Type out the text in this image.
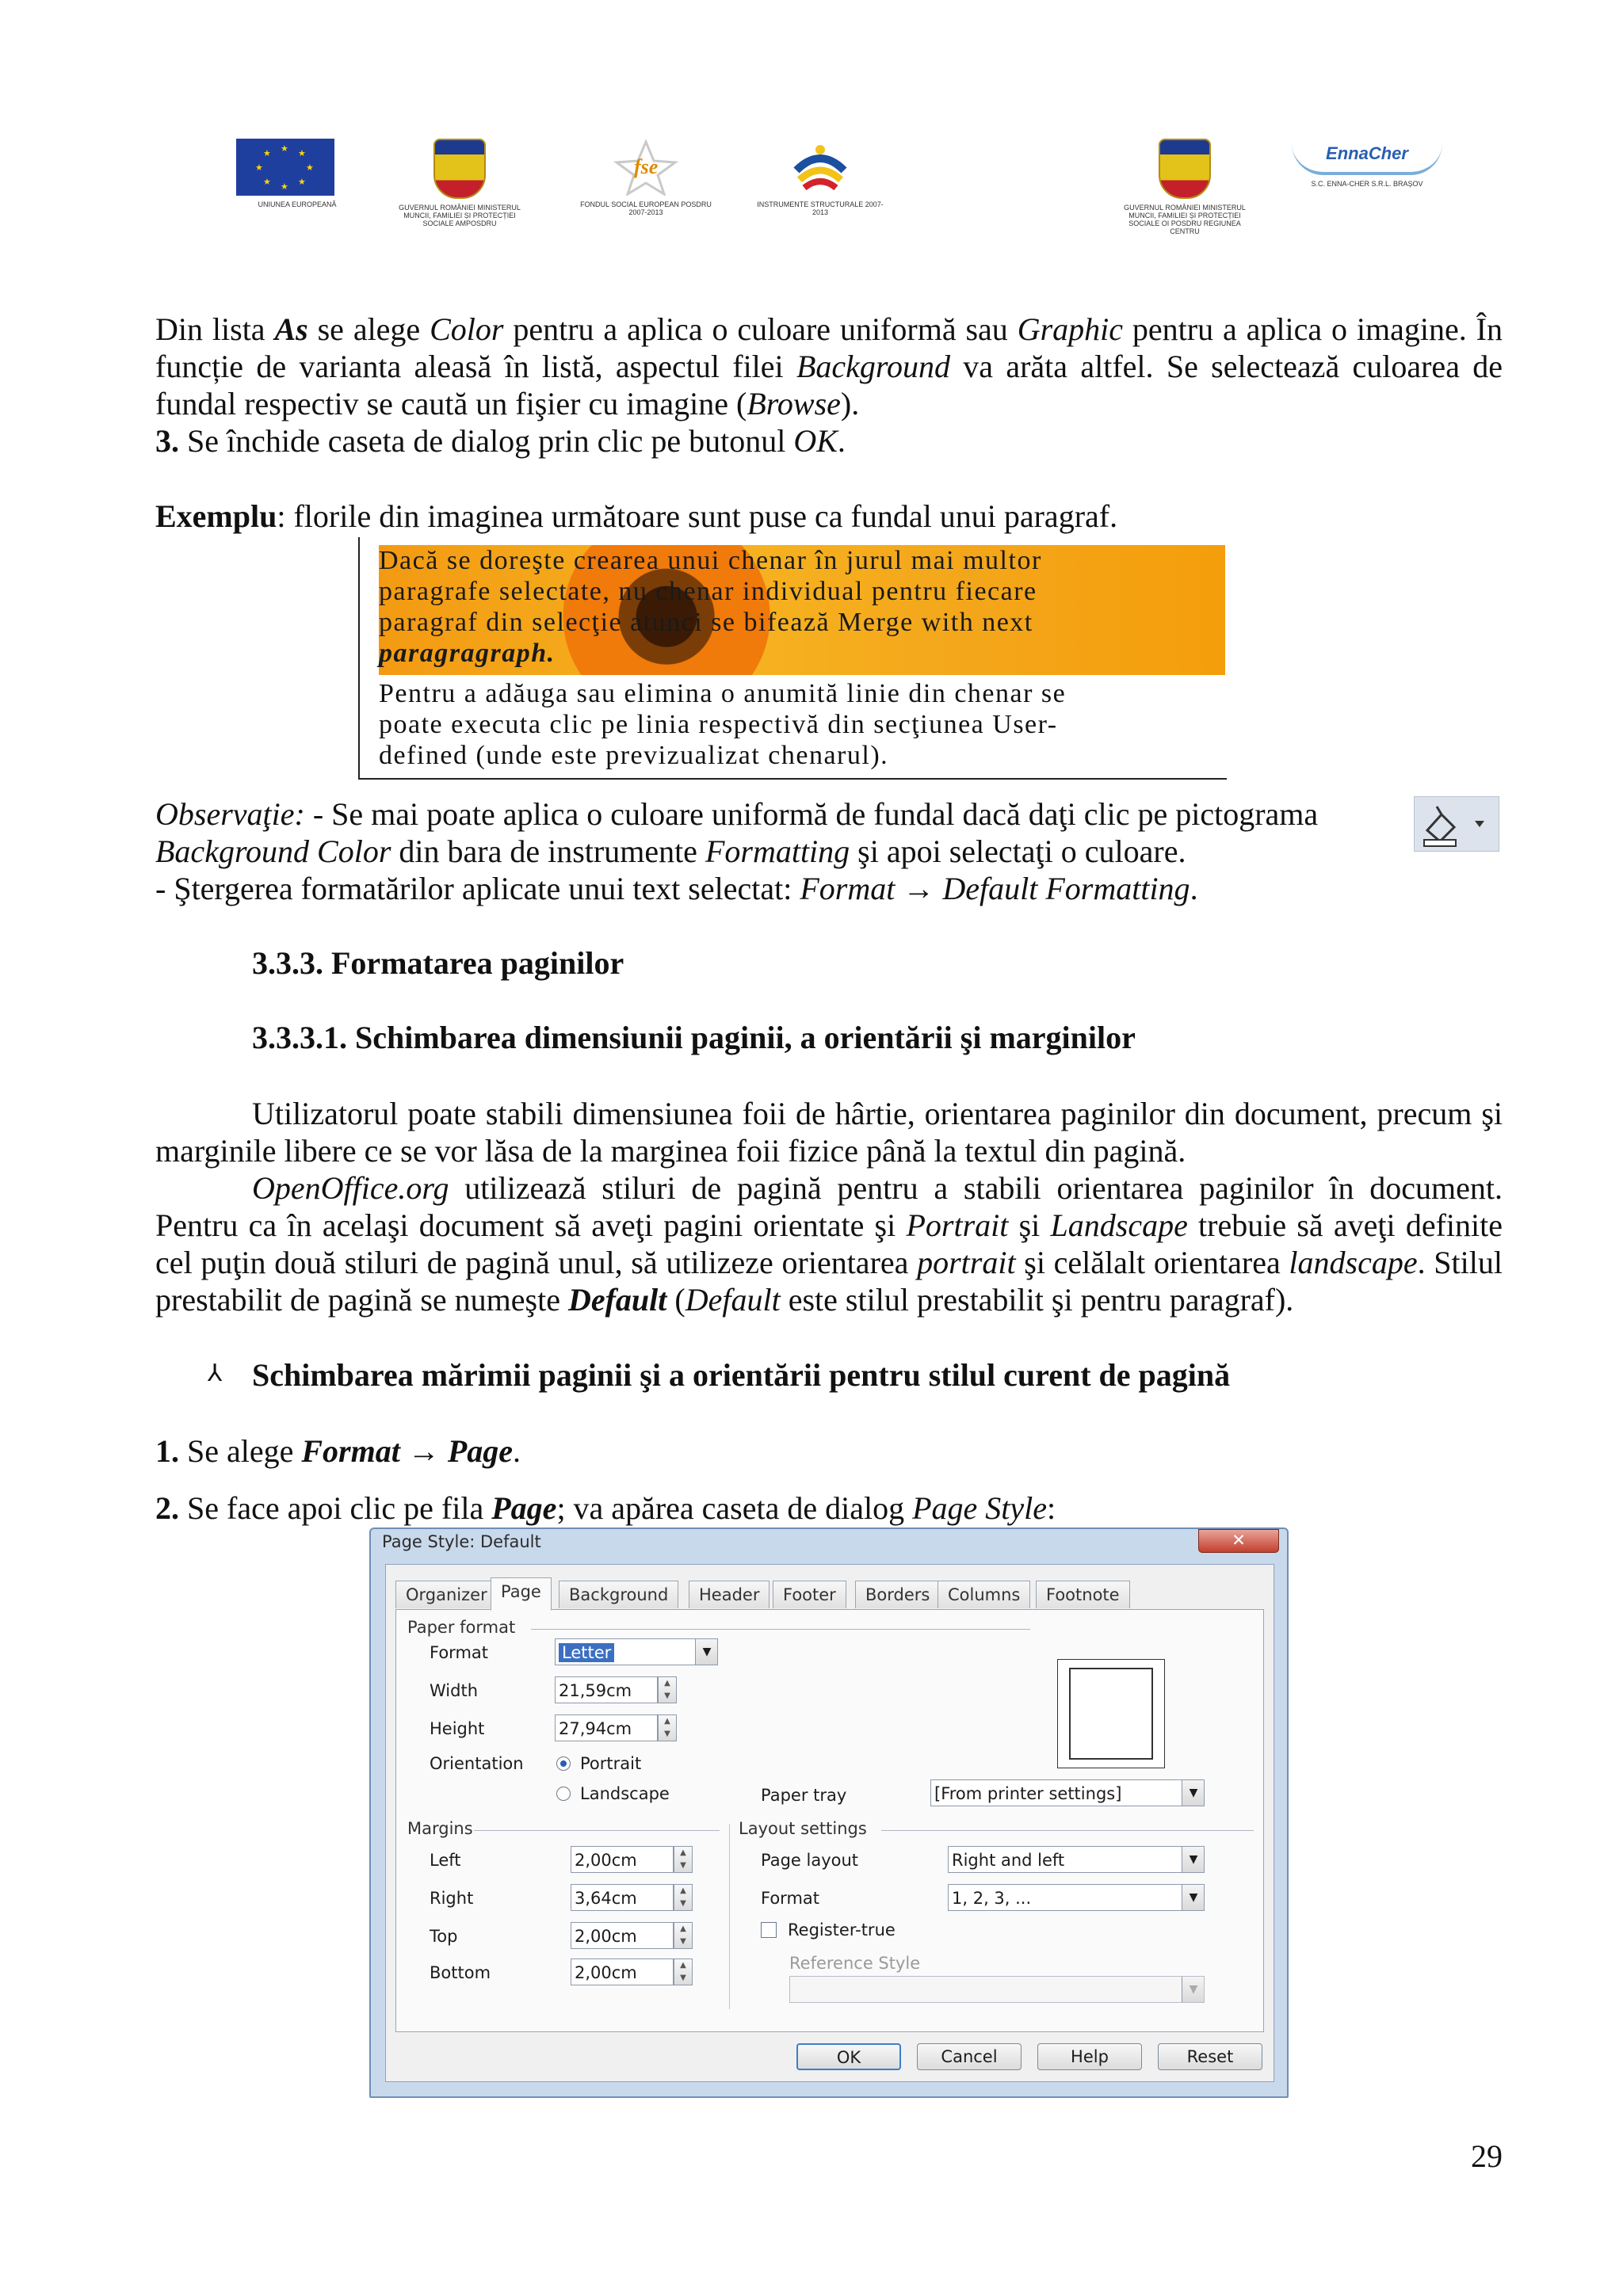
★ ★
★
★
★
★
★
★
UNIUNEA EUROPEANĂ	GUVERNUL ROMÂNIEI MINISTERUL MUNCII, FAMILIEI ȘI PROTECȚIEI SOCIALE AMPOSDRU
fse
FONDUL SOCIAL EUROPEAN POSDRU 2007-2013
INSTRUMENTE STRUCTURALE 2007-2013
GUVERNUL ROMÂNIEI MINISTERUL MUNCII, FAMILIEI ȘI PROTECȚIEI SOCIALE OI POSDRU REGIUNEA CENTRU
EnnaCher
S.C. ENNA-CHER S.R.L. BRAȘOV

Din lista As se alege Color pentru a aplica o culoare uniformă sau Graphic pentru a aplica o imagine. În funcție de varianta aleasă în listă, aspectul filei Background va arăta altfel. Se selectează culoarea de fundal respectiv se caută un fişier cu imagine (Browse).

3. Se închide caseta de dialog prin clic pe butonul OK.

Exemplu: florile din imaginea următoare sunt puse ca fundal unui paragraf.
Dacă se doreşte crearea unui chenar în jurul mai multor
paragrafe selectate, nu chenar individual pentru fiecare
paragraf din selecţie atunci se bifează Merge with next
paragragraph.
Pentru a adăuga sau elimina o anumită linie din chenar se
poate executa clic pe linia respectivă din secţiunea User-
defined (unde este previzualizat chenarul).
Observaţie: - Se mai poate aplica o culoare uniformă de fundal dacă daţi clic pe pictograma
Background Color din bara de instrumente Formatting şi apoi selectaţi o culoare.
- Ştergerea formatărilor aplicate unui text selectat: Format → Default Formatting.
3.3.3. Formatarea paginilor
3.3.3.1. Schimbarea dimensiunii paginii, a orientării şi marginilor
Utilizatorul poate stabili dimensiunea foii de hârtie, orientarea paginilor din document, precum şi marginile libere ce se vor lăsa de la marginea foii fizice până la textul din pagină.
OpenOffice.org utilizează stiluri de pagină pentru a stabili orientarea paginilor în document. Pentru ca în acelaşi document să aveţi pagini orientate şi Portrait şi Landscape trebuie să aveţi definite cel puţin două stiluri de pagină unul, să utilizeze orientarea portrait şi celălalt orientarea landscape. Stilul prestabilit de pagină se numeşte Default (Default este stilul prestabilit şi pentru paragraf).
⅄ Schimbarea mărimii paginii şi a orientării pentru stilul curent de pagină
1. Se alege Format → Page.
2. Se face apoi clic pe fila Page; va apărea caseta de dialog Page Style:
Page Style: Default	✕
Organizer Page	Background	Header	Footer	Borders	Columns	Footnote
Paper format
Format	Letter	▼
Width	21,59cm	▲
▼
Height	27,94cm	▲
▼
Orientation	Portrait
Landscape	Paper tray	[From printer settings]	▼
Margins
Left	2,00cm	▲
▼
Right	3,64cm	▲
▼
Top	2,00cm	▲
▼
Bottom	2,00cm	▲
▼
Layout settings
Page layout	Right and left	▼
Format	1, 2, 3, ...	▼
Register-true
Reference Style
▼
OK	Cancel	Help	Reset
29
